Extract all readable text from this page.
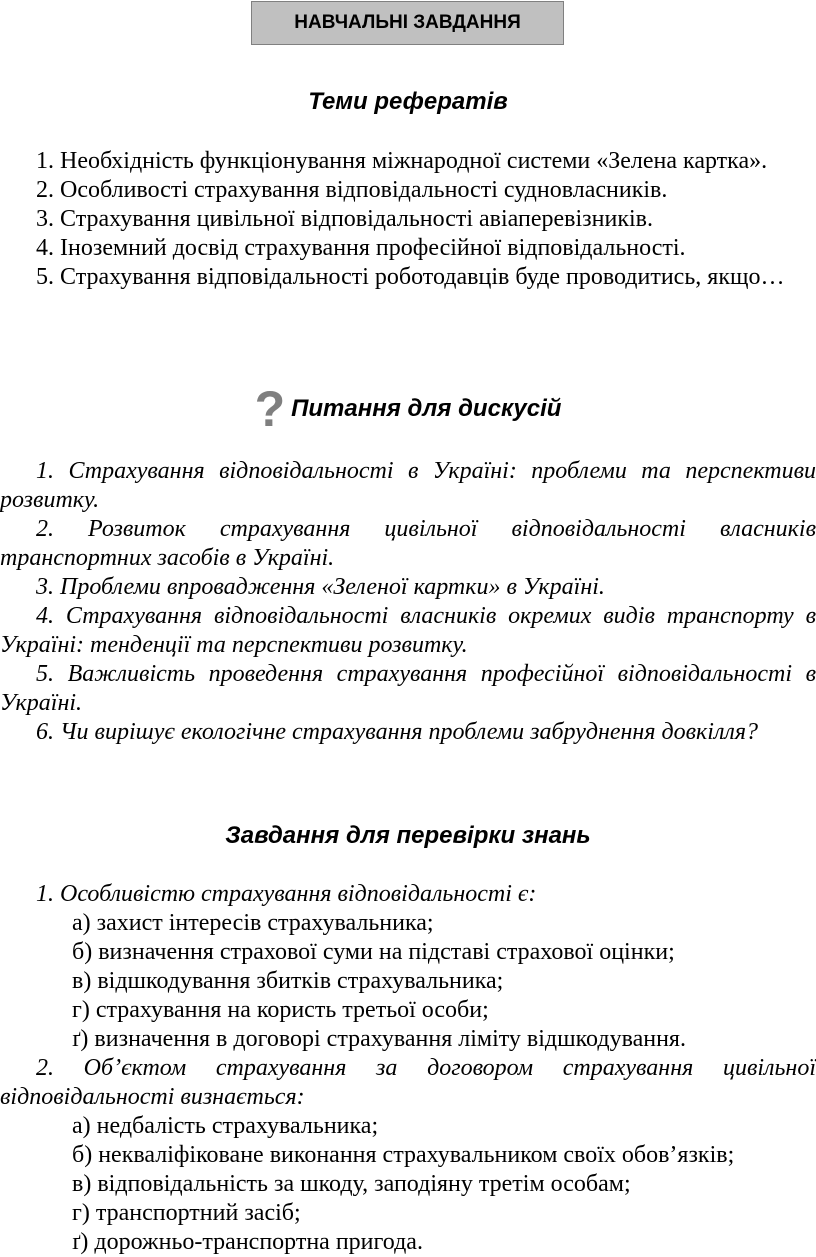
НАВЧАЛЬНІ ЗАВДАННЯ
Теми рефератів

1. Необхідність функціонування міжнародної системи «Зелена картка».

2. Особливості страхування відповідальності судновласників.

3. Страхування цивільної відповідальності авіаперевізників.

4. Іноземний досвід страхування професійної відповідальності.

5. Страхування відповідальності роботодавців буде проводитись, якщо…

? Питання для дискусій

1. Страхування відповідальності в Україні: проблеми та перспективи розвитку.

2. Розвиток страхування цивільної відповідальності власників транспортних засобів в Україні.

3. Проблеми впровадження «Зеленої картки» в Україні.

4. Страхування відповідальності власників окремих видів транспорту в Україні: тенденції та перспективи розвитку.

5. Важливість проведення страхування професійної відповідальності в Україні.

6. Чи вирішує екологічне страхування проблеми забруднення довкілля?

Завдання для перевірки знань

1. Особливістю страхування відповідальності є:

а) захист інтересів страхувальника;

б) визначення страхової суми на підставі страхової оцінки;

в) відшкодування збитків страхувальника;

г) страхування на користь третьої особи;

ґ) визначення в договорі страхування ліміту відшкодування.

2. Об’єктом страхування за договором страхування цивільної відповідальності визнається:

а) недбалість страхувальника;

б) некваліфіковане виконання страхувальником своїх обов’язків;

в) відповідальність за шкоду, заподіяну третім особам;

г) транспортний засіб;

ґ) дорожньо-транспортна пригода.
